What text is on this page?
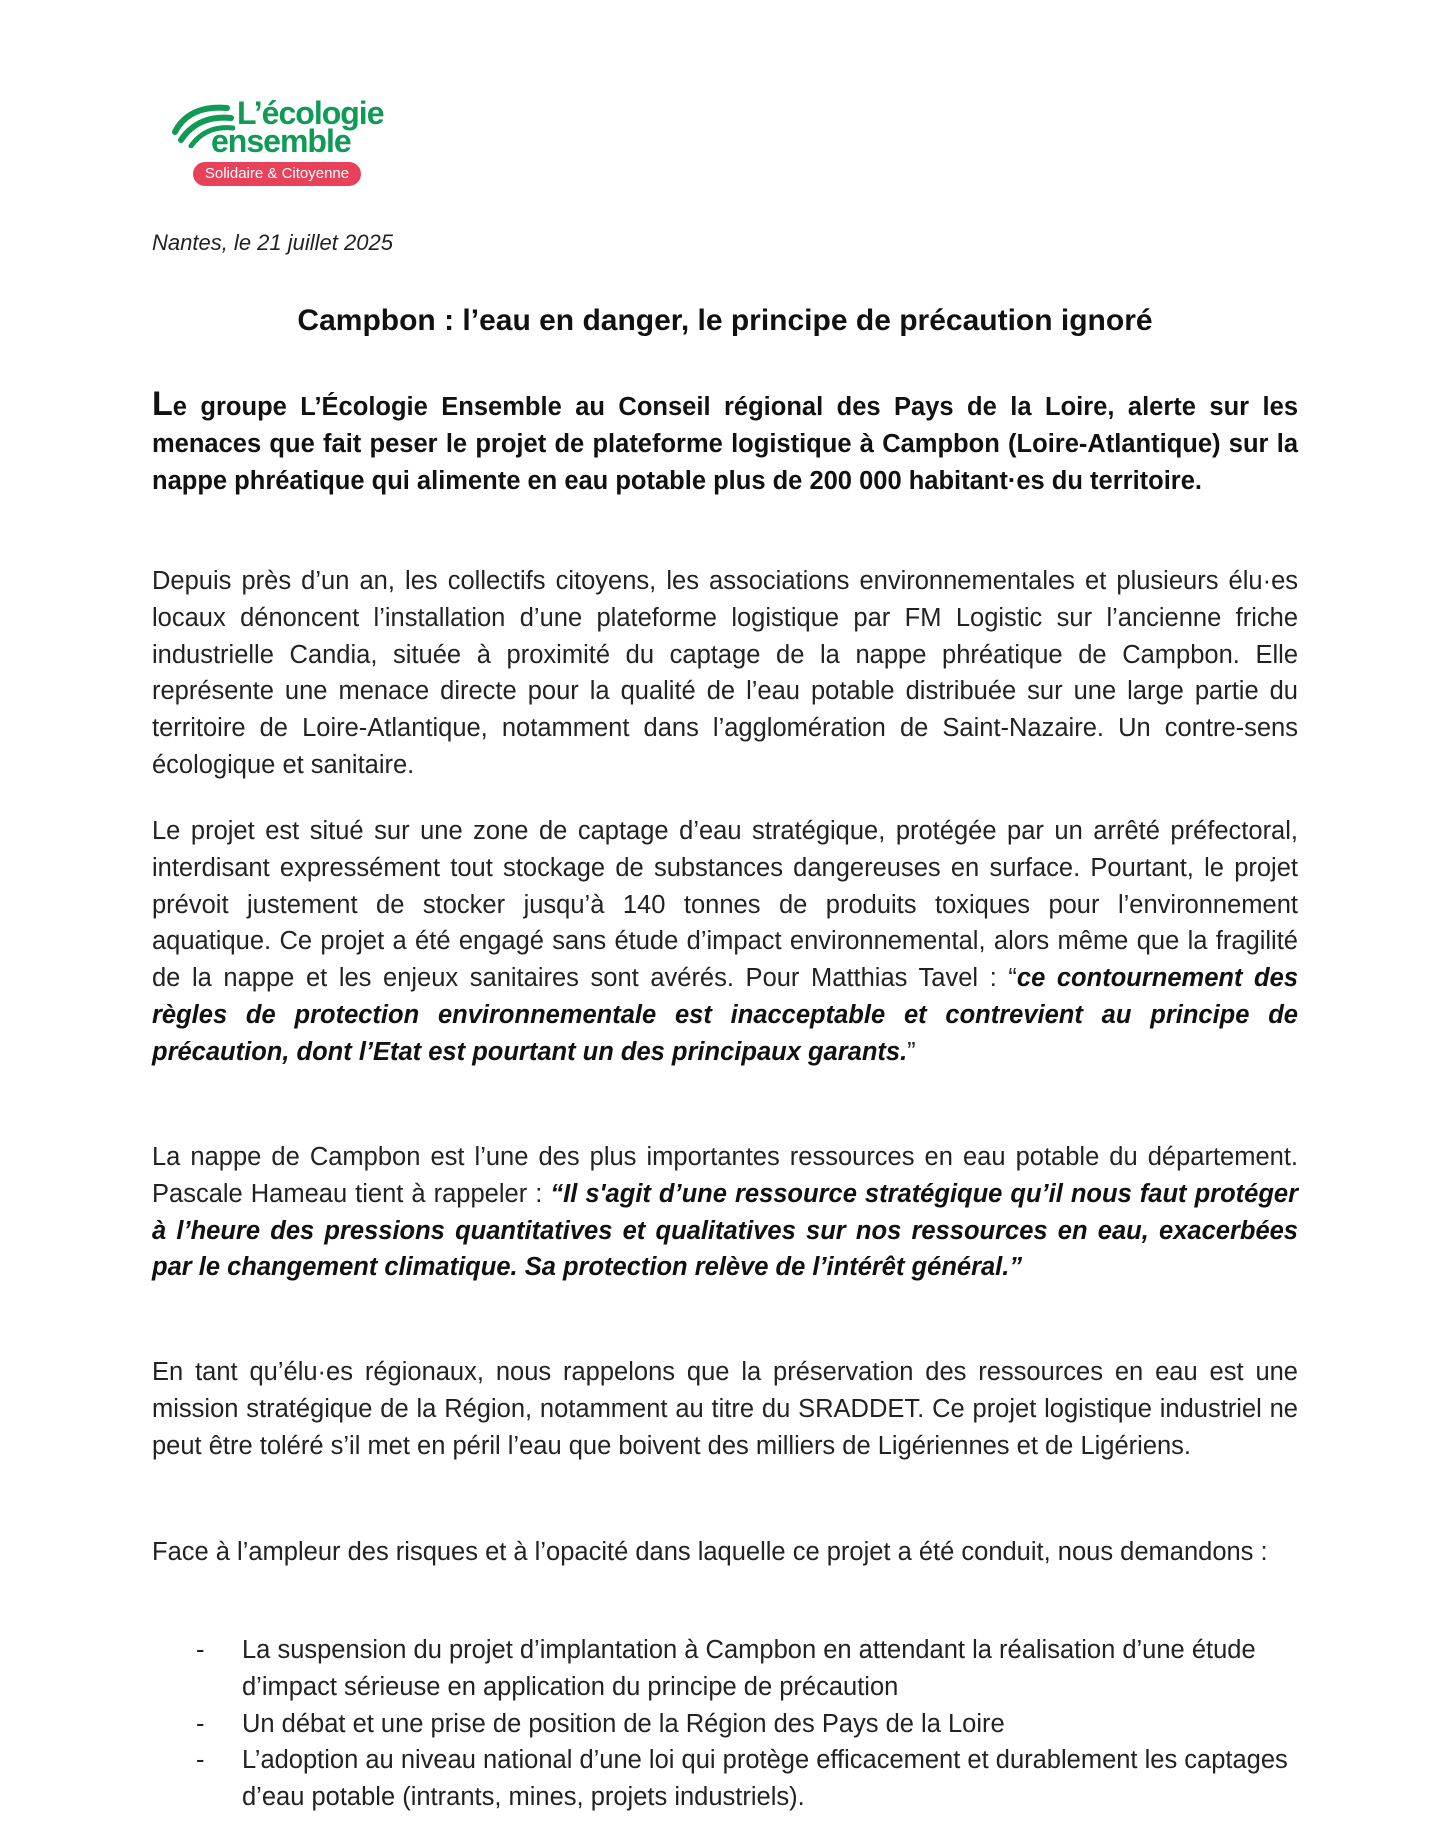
L’écologie
ensemble
Solidaire & Citoyenne
Nantes, le 21 juillet 2025
Campbon : l’eau en danger, le principe de précaution ignoré
Le groupe L’Écologie Ensemble au Conseil régional des Pays de la Loire, alerte sur les menaces que fait peser le projet de plateforme logistique à Campbon (Loire-Atlantique) sur la nappe phréatique qui alimente en eau potable plus de 200 000 habitant·es du territoire.
Depuis près d’un an, les collectifs citoyens, les associations environnementales et plusieurs élu·es locaux dénoncent l’installation d’une plateforme logistique par FM Logistic sur l’ancienne friche industrielle Candia, située à proximité du captage de la nappe phréatique de Campbon. Elle représente une menace directe pour la qualité de l’eau potable distribuée sur une large partie du territoire de Loire-Atlantique, notamment dans l’agglomération de Saint-Nazaire. Un contre-sens écologique et sanitaire.
Le projet est situé sur une zone de captage d’eau stratégique, protégée par un arrêté préfectoral, interdisant expressément tout stockage de substances dangereuses en surface. Pourtant, le projet prévoit justement de stocker jusqu’à 140 tonnes de produits toxiques pour l’environnement aquatique. Ce projet a été engagé sans étude d’impact environnemental, alors même que la fragilité de la nappe et les enjeux sanitaires sont avérés. Pour Matthias Tavel : “ce contournement des règles de protection environnementale est inacceptable et contrevient au principe de précaution, dont l’Etat est pourtant un des principaux garants.”
La nappe de Campbon est l’une des plus importantes ressources en eau potable du département. Pascale Hameau tient à rappeler : “Il s'agit d’une ressource stratégique qu’il nous faut protéger à l’heure des pressions quantitatives et qualitatives sur nos ressources en eau, exacerbées par le changement climatique. Sa protection relève de l’intérêt général.”
En tant qu’élu·es régionaux, nous rappelons que la préservation des ressources en eau est une mission stratégique de la Région, notamment au titre du SRADDET. Ce projet logistique industriel ne peut être toléré s’il met en péril l’eau que boivent des milliers de Ligériennes et de Ligériens.
Face à l’ampleur des risques et à l’opacité dans laquelle ce projet a été conduit, nous demandons :
- La suspension du projet d’implantation à Campbon en attendant la réalisation d’une étude d’impact sérieuse en application du principe de précaution
- Un débat et une prise de position de la Région des Pays de la Loire
- L’adoption au niveau national d’une loi qui protège efficacement et durablement les captages d’eau potable (intrants, mines, projets industriels).
